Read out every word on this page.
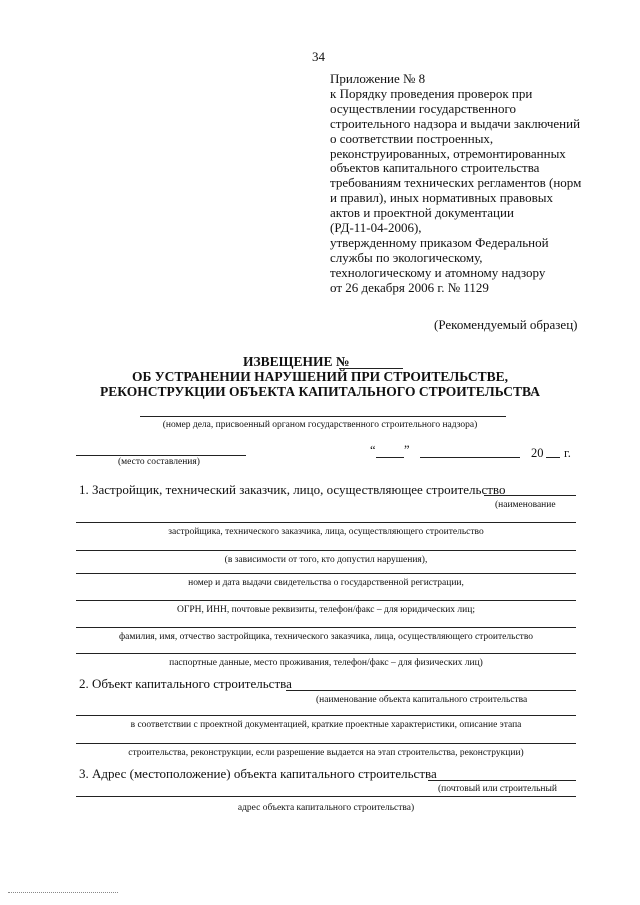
34
Приложение № 8
к Порядку проведения проверок при
осуществлении государственного
строительного надзора и выдачи заключений
о соответствии построенных,
реконструированных, отремонтированных
объектов капитального строительства
требованиям технических регламентов (норм
и правил), иных нормативных правовых
актов и проектной документации
(РД-11-04-2006),
утвержденному приказом Федеральной
службы по экологическому,
технологическому и атомному надзору
от 26 декабря 2006 г. № 1129
(Рекомендуемый образец)
ИЗВЕЩЕНИЕ №
ОБ УСТРАНЕНИИ НАРУШЕНИЙ ПРИ СТРОИТЕЛЬСТВЕ,
РЕКОНСТРУКЦИИ ОБЪЕКТА КАПИТАЛЬНОГО СТРОИТЕЛЬСТВА
(номер дела, присвоенный органом государственного строительного надзора)
(место составления)
“ ”	20 г.
1. Застройщик, технический заказчик, лицо, осуществляющее строительство
(наименование
застройщика, технического заказчика, лица, осуществляющего строительство
(в зависимости от того, кто допустил нарушения),
номер и дата выдачи свидетельства о государственной регистрации,
ОГРН, ИНН, почтовые реквизиты, телефон/факс – для юридических лиц;
фамилия, имя, отчество застройщика, технического заказчика, лица, осуществляющего строительство
паспортные данные, место проживания, телефон/факс – для физических лиц)
2. Объект капитального строительства
(наименование объекта капитального строительства
в соответствии с проектной документацией, краткие проектные характеристики, описание этапа
строительства, реконструкции, если разрешение выдается на этап строительства, реконструкции)
3. Адрес (местоположение) объекта капитального строительства
(почтовый или строительный
адрес объекта капитального строительства)
